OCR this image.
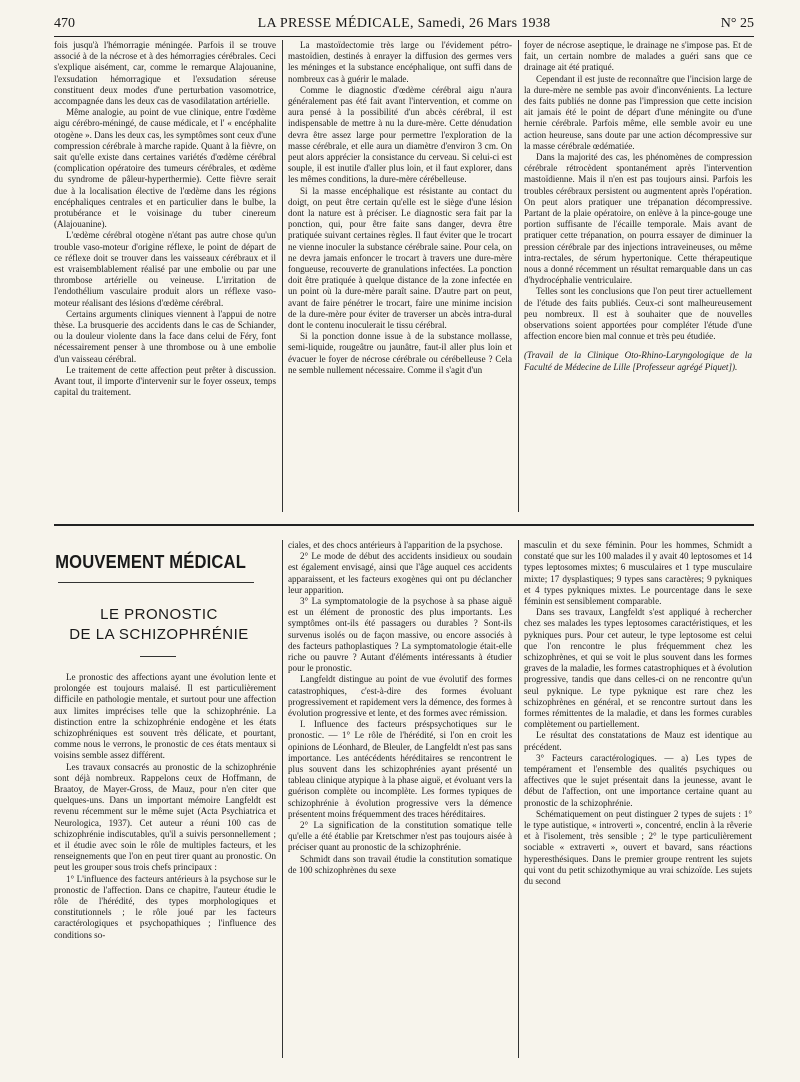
470	LA PRESSE MÉDICALE, Samedi, 26 Mars 1938	N° 25

fois jusqu'à l'hémorragie méningée. Parfois il se trouve associé à de la nécrose et à des hémorragies cérébrales. Ceci s'explique aisément, car, comme le remarque Alajouanine, l'exsudation hémorragique et l'exsudation séreuse constituent deux modes d'une perturbation vasomotrice, accompagnée dans les deux cas de vasodilatation artérielle.

Même analogie, au point de vue clinique, entre l'œdème aigu cérébro-méningé, de cause médicale, et l' « encéphalite otogène ». Dans les deux cas, les symptômes sont ceux d'une compression cérébrale à marche rapide. Quant à la fièvre, on sait qu'elle existe dans certaines variétés d'œdème cérébral (complication opératoire des tumeurs cérébrales, et œdème du syndrome de pâleur-hyperthermie). Cette fièvre serait due à la localisation élective de l'œdème dans les régions encéphaliques centrales et en particulier dans le bulbe, la protubérance et le voisinage du tuber cinereum (Alajouanine).

L'œdème cérébral otogène n'étant pas autre chose qu'un trouble vaso-moteur d'origine réflexe, le point de départ de ce réflexe doit se trouver dans les vaisseaux cérébraux et il est vraisemblablement réalisé par une embolie ou par une thrombose artérielle ou veineuse. L'irritation de l'endothélium vasculaire produit alors un réflexe vaso-moteur réalisant des lésions d'œdème cérébral.

Certains arguments cliniques viennent à l'appui de notre thèse. La brusquerie des accidents dans le cas de Schiander, ou la douleur violente dans la face dans celui de Féry, font nécessairement penser à une thrombose ou à une embolie d'un vaisseau cérébral.

Le traitement de cette affection peut prêter à discussion. Avant tout, il importe d'intervenir sur le foyer osseux, temps capital du traitement.

La mastoïdectomie très large ou l'évidement pétro-mastoïdien, destinés à enrayer la diffusion des germes vers les méninges et la substance encéphalique, ont suffi dans de nombreux cas à guérir le malade.

Comme le diagnostic d'œdème cérébral aigu n'aura généralement pas été fait avant l'intervention, et comme on aura pensé à la possibilité d'un abcès cérébral, il est indispensable de mettre à nu la dure-mère. Cette dénudation devra être assez large pour permettre l'exploration de la masse cérébrale, et elle aura un diamètre d'environ 3 cm. On peut alors apprécier la consistance du cerveau. Si celui-ci est souple, il est inutile d'aller plus loin, et il faut explorer, dans les mêmes conditions, la dure-mère cérébelleuse.

Si la masse encéphalique est résistante au contact du doigt, on peut être certain qu'elle est le siège d'une lésion dont la nature est à préciser. Le diagnostic sera fait par la ponction, qui, pour être faite sans danger, devra être pratiquée suivant certaines règles. Il faut éviter que le trocart ne vienne inoculer la substance cérébrale saine. Pour cela, on ne devra jamais enfoncer le trocart à travers une dure-mère fongueuse, recouverte de granulations infectées. La ponction doit être pratiquée à quelque distance de la zone infectée en un point où la dure-mère paraît saine. D'autre part on peut, avant de faire pénétrer le trocart, faire une minime incision de la dure-mère pour éviter de traverser un abcès intra-dural dont le contenu inoculerait le tissu cérébral.

Si la ponction donne issue à de la substance mollasse, semi-liquide, rougeâtre ou jaunâtre, faut-il aller plus loin et évacuer le foyer de nécrose cérébrale ou cérébelleuse ? Cela ne semble nullement nécessaire. Comme il s'agit d'un

foyer de nécrose aseptique, le drainage ne s'impose pas. Et de fait, un certain nombre de malades a guéri sans que ce drainage ait été pratiqué.

Cependant il est juste de reconnaître que l'incision large de la dure-mère ne semble pas avoir d'inconvénients. La lecture des faits publiés ne donne pas l'impression que cette incision ait jamais été le point de départ d'une méningite ou d'une hernie cérébrale. Parfois même, elle semble avoir eu une action heureuse, sans doute par une action décompressive sur la masse cérébrale œdématiée.

Dans la majorité des cas, les phénomènes de compression cérébrale rétrocèdent spontanément après l'intervention mastoïdienne. Mais il n'en est pas toujours ainsi. Parfois les troubles cérébraux persistent ou augmentent après l'opération. On peut alors pratiquer une trépanation décompressive. Partant de la plaie opératoire, on enlève à la pince-gouge une portion suffisante de l'écaille temporale. Mais avant de pratiquer cette trépanation, on pourra essayer de diminuer la pression cérébrale par des injections intraveineuses, ou même intra-rectales, de sérum hypertonique. Cette thérapeutique nous a donné récemment un résultat remarquable dans un cas d'hydrocéphalie ventriculaire.

Telles sont les conclusions que l'on peut tirer actuellement de l'étude des faits publiés. Ceux-ci sont malheureusement peu nombreux. Il est à souhaiter que de nouvelles observations soient apportées pour compléter l'étude d'une affection encore bien mal connue et très peu étudiée.

(Travail de la Clinique Oto-Rhino-Laryngologique de la Faculté de Médecine de Lille [Professeur agrégé Piquet]).

MOUVEMENT MÉDICAL
LE PRONOSTIC
DE LA SCHIZOPHRÉNIE

Le pronostic des affections ayant une évolution lente et prolongée est toujours malaisé. Il est particulièrement difficile en pathologie mentale, et surtout pour une affection aux limites imprécises telle que la schizophrénie. La distinction entre la schizophrénie endogène et les états schizophréniques est souvent très délicate, et pourtant, comme nous le verrons, le pronostic de ces états mentaux si voisins semble assez différent.

Les travaux consacrés au pronostic de la schizophrénie sont déjà nombreux. Rappelons ceux de Hoffmann, de Braatoy, de Mayer-Gross, de Mauz, pour n'en citer que quelques-uns. Dans un important mémoire Langfeldt est revenu récemment sur le même sujet (Acta Psychiatrica et Neurologica, 1937). Cet auteur a réuni 100 cas de schizophrénie indiscutables, qu'il a suivis personnellement ; et il étudie avec soin le rôle de multiples facteurs, et les renseignements que l'on en peut tirer quant au pronostic. On peut les grouper sous trois chefs principaux :

1° L'influence des facteurs antérieurs à la psychose sur le pronostic de l'affection. Dans ce chapitre, l'auteur étudie le rôle de l'hérédité, des types morphologiques et constitutionnels ; le rôle joué par les facteurs caractérologiques et psychopathiques ; l'influence des conditions so-

ciales, et des chocs antérieurs à l'apparition de la psychose.

2° Le mode de début des accidents insidieux ou soudain est également envisagé, ainsi que l'âge auquel ces accidents apparaissent, et les facteurs exogènes qui ont pu déclancher leur apparition.

3° La symptomatologie de la psychose à sa phase aiguë est un élément de pronostic des plus importants. Les symptômes ont-ils été passagers ou durables ? Sont-ils survenus isolés ou de façon massive, ou encore associés à des facteurs pathoplastiques ? La symptomatologie était-elle riche ou pauvre ? Autant d'éléments intéressants à étudier pour le pronostic.

Langfeldt distingue au point de vue évolutif des formes catastrophiques, c'est-à-dire des formes évoluant progressivement et rapidement vers la démence, des formes à évolution progressive et lente, et des formes avec rémission.

I. Influence des facteurs préspsychotiques sur le pronostic. — 1° Le rôle de l'hérédité, si l'on en croit les opinions de Léonhard, de Bleuler, de Langfeldt n'est pas sans importance. Les antécédents héréditaires se rencontrent le plus souvent dans les schizophrénies ayant présenté un tableau clinique atypique à la phase aiguë, et évoluant vers la guérison complète ou incomplète. Les formes typiques de schizophrénie à évolution progressive vers la démence présentent moins fréquemment des traces héréditaires.

2° La signification de la constitution somatique telle qu'elle a été établie par Kretschmer n'est pas toujours aisée à préciser quant au pronostic de la schizophrénie.

Schmidt dans son travail étudie la constitution somatique de 100 schizophrènes du sexe

masculin et du sexe féminin. Pour les hommes, Schmidt a constaté que sur les 100 malades il y avait 40 leptosomes et 14 types leptosomes mixtes; 6 musculaires et 1 type musculaire mixte; 17 dysplastiques; 9 types sans caractères; 9 pykniques et 4 types pykniques mixtes. Le pourcentage dans le sexe féminin est sensiblement comparable.

Dans ses travaux, Langfeldt s'est appliqué à rechercher chez ses malades les types leptosomes caractéristiques, et les pykniques purs. Pour cet auteur, le type leptosome est celui que l'on rencontre le plus fréquemment chez les schizophrènes, et qui se voit le plus souvent dans les formes graves de la maladie, les formes catastrophiques et à évolution progressive, tandis que dans celles-ci on ne rencontre qu'un seul pyknique. Le type pyknique est rare chez les schizophrènes en général, et se rencontre surtout dans les formes rémittentes de la maladie, et dans les formes curables complètement ou partiellement.

Le résultat des constatations de Mauz est identique au précédent.

3° Facteurs caractérologiques. — a) Les types de tempérament et l'ensemble des qualités psychiques ou affectives que le sujet présentait dans la jeunesse, avant le début de l'affection, ont une importance certaine quant au pronostic de la schizophrénie.

Schématiquement on peut distinguer 2 types de sujets : 1° le type autistique, « introverti », concentré, enclin à la rêverie et à l'isolement, très sensible ; 2° le type particulièrement sociable « extraverti », ouvert et bavard, sans réactions hyperesthésiques. Dans le premier groupe rentrent les sujets qui vont du petit schizothymique au vrai schizoïde. Les sujets du second
